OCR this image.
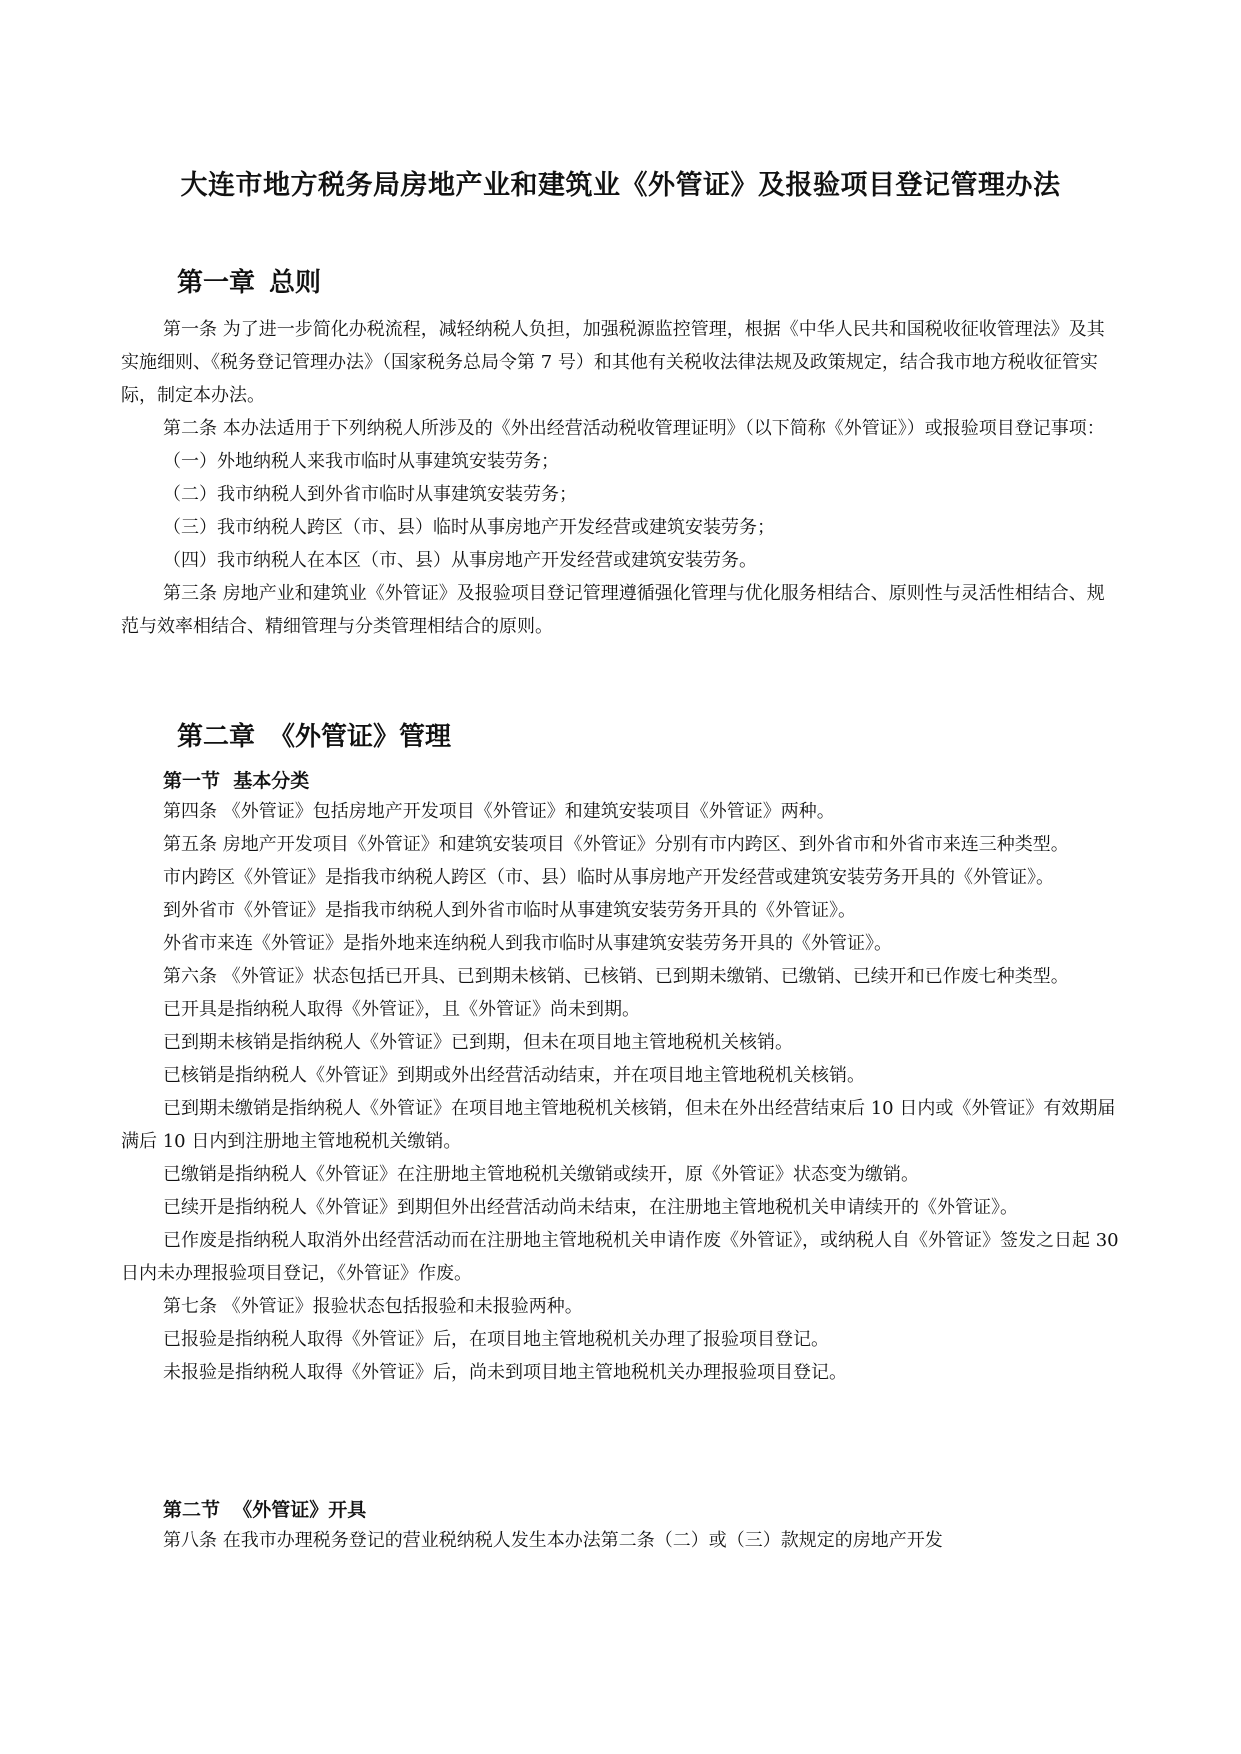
大连市地方税务局房地产业和建筑业《外管证》及报验项目登记管理办法
第一章 总则

第一条 为了进一步简化办税流程，减轻纳税人负担，加强税源监控管理，根据《中华人民共和国税收征收管理法》及其实施细则、《税务登记管理办法》（国家税务总局令第 7 号）和其他有关税收法律法规及政策规定，结合我市地方税收征管实际，制定本办法。

第二条 本办法适用于下列纳税人所涉及的《外出经营活动税收管理证明》（以下简称《外管证》）或报验项目登记事项：

（一）外地纳税人来我市临时从事建筑安装劳务；

（二）我市纳税人到外省市临时从事建筑安装劳务；

（三）我市纳税人跨区（市、县）临时从事房地产开发经营或建筑安装劳务；

（四）我市纳税人在本区（市、县）从事房地产开发经营或建筑安装劳务。

第三条 房地产业和建筑业《外管证》及报验项目登记管理遵循强化管理与优化服务相结合、原则性与灵活性相结合、规范与效率相结合、精细管理与分类管理相结合的原则。

第二章 《外管证》管理
第一节  基本分类

第四条 《外管证》包括房地产开发项目《外管证》和建筑安装项目《外管证》两种。

第五条 房地产开发项目《外管证》和建筑安装项目《外管证》分别有市内跨区、到外省市和外省市来连三种类型。

市内跨区《外管证》是指我市纳税人跨区（市、县）临时从事房地产开发经营或建筑安装劳务开具的《外管证》。

到外省市《外管证》是指我市纳税人到外省市临时从事建筑安装劳务开具的《外管证》。

外省市来连《外管证》是指外地来连纳税人到我市临时从事建筑安装劳务开具的《外管证》。

第六条 《外管证》状态包括已开具、已到期未核销、已核销、已到期未缴销、已缴销、已续开和已作废七种类型。

已开具是指纳税人取得《外管证》，且《外管证》尚未到期。

已到期未核销是指纳税人《外管证》已到期，但未在项目地主管地税机关核销。

已核销是指纳税人《外管证》到期或外出经营活动结束，并在项目地主管地税机关核销。

已到期未缴销是指纳税人《外管证》在项目地主管地税机关核销，但未在外出经营结束后 10 日内或《外管证》有效期届满后 10 日内到注册地主管地税机关缴销。

已缴销是指纳税人《外管证》在注册地主管地税机关缴销或续开，原《外管证》状态变为缴销。

已续开是指纳税人《外管证》到期但外出经营活动尚未结束，在注册地主管地税机关申请续开的《外管证》。

已作废是指纳税人取消外出经营活动而在注册地主管地税机关申请作废《外管证》，或纳税人自《外管证》签发之日起 30 日内未办理报验项目登记，《外管证》作废。

第七条 《外管证》报验状态包括报验和未报验两种。

已报验是指纳税人取得《外管证》后，在项目地主管地税机关办理了报验项目登记。

未报验是指纳税人取得《外管证》后，尚未到项目地主管地税机关办理报验项目登记。

第二节  《外管证》开具

第八条 在我市办理税务登记的营业税纳税人发生本办法第二条（二）或（三）款规定的房地产开发
